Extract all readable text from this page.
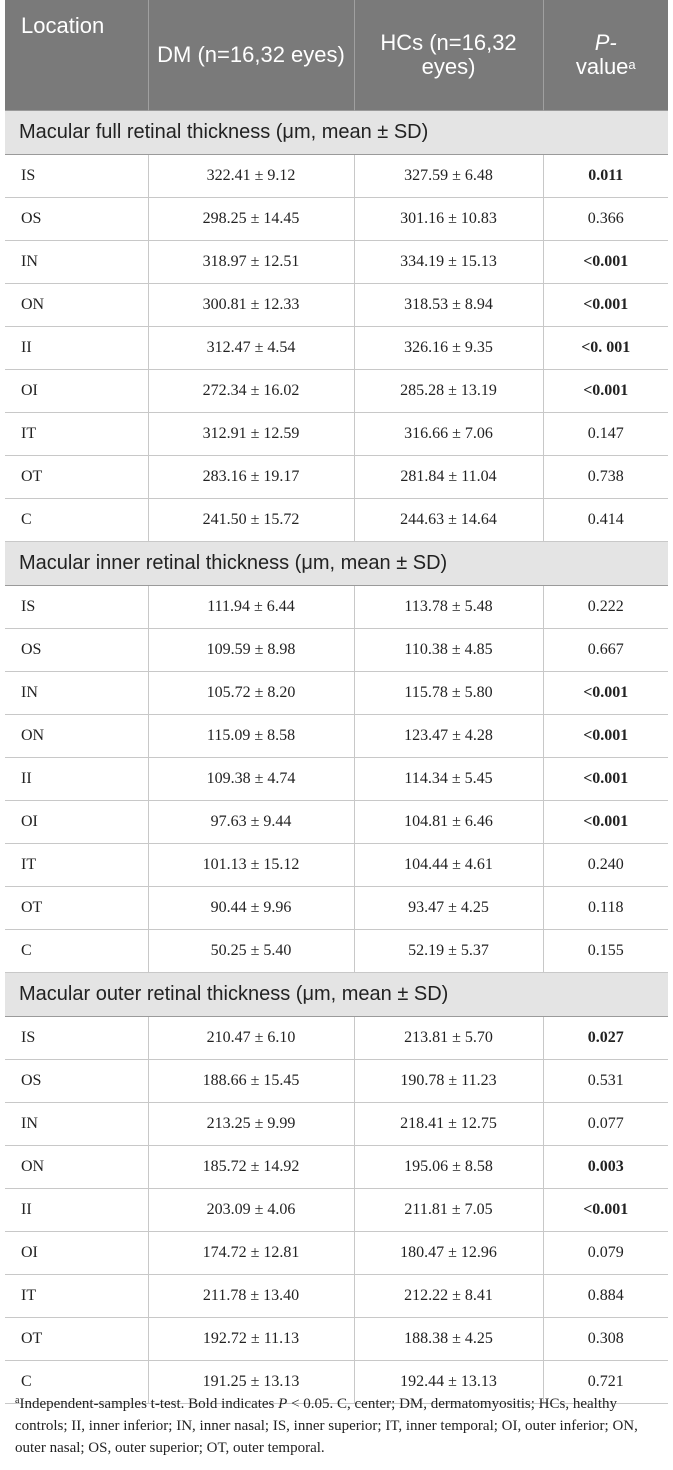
Location	DM (n=16,32 eyes)	HCs (n=16,32 eyes)	P-
value$^a$
Macular full retinal thickness (μm, mean ± SD)			
IS	322.41 ± 9.12	327.59 ± 6.48	0.011
OS	298.25 ± 14.45	301.16 ± 10.83	0.366
IN	318.97 ± 12.51	334.19 ± 15.13	<0.001
ON	300.81 ± 12.33	318.53 ± 8.94	<0.001
II	312.47 ± 4.54	326.16 ± 9.35	<0. 001
OI	272.34 ± 16.02	285.28 ± 13.19	<0.001
IT	312.91 ± 12.59	316.66 ± 7.06	0.147
OT	283.16 ± 19.17	281.84 ± 11.04	0.738
C	241.50 ± 15.72	244.63 ± 14.64	0.414
Macular inner retinal thickness (μm, mean ± SD)			
IS	111.94 ± 6.44	113.78 ± 5.48	0.222
OS	109.59 ± 8.98	110.38 ± 4.85	0.667
IN	105.72 ± 8.20	115.78 ± 5.80	<0.001
ON	115.09 ± 8.58	123.47 ± 4.28	<0.001
II	109.38 ± 4.74	114.34 ± 5.45	<0.001
OI	97.63 ± 9.44	104.81 ± 6.46	<0.001
IT	101.13 ± 15.12	104.44 ± 4.61	0.240
OT	90.44 ± 9.96	93.47 ± 4.25	0.118
C	50.25 ± 5.40	52.19 ± 5.37	0.155
Macular outer retinal thickness (μm, mean ± SD)			
IS	210.47 ± 6.10	213.81 ± 5.70	0.027
OS	188.66 ± 15.45	190.78 ± 11.23	0.531
IN	213.25 ± 9.99	218.41 ± 12.75	0.077
ON	185.72 ± 14.92	195.06 ± 8.58	0.003
II	203.09 ± 4.06	211.81 ± 7.05	<0.001
OI	174.72 ± 12.81	180.47 ± 12.96	0.079
IT	211.78 ± 13.40	212.22 ± 8.41	0.884
OT	192.72 ± 11.13	188.38 ± 4.25	0.308
C	191.25 ± 13.13	192.44 ± 13.13	0.721
$^a$Independent-samples t-test. Bold indicates P < 0.05. C, center; DM, dermatomyositis; HCs, healthy controls; II, inner inferior; IN, inner nasal; IS, inner superior; IT, inner temporal; OI, outer inferior; ON, outer nasal; OS, outer superior; OT, outer temporal.
